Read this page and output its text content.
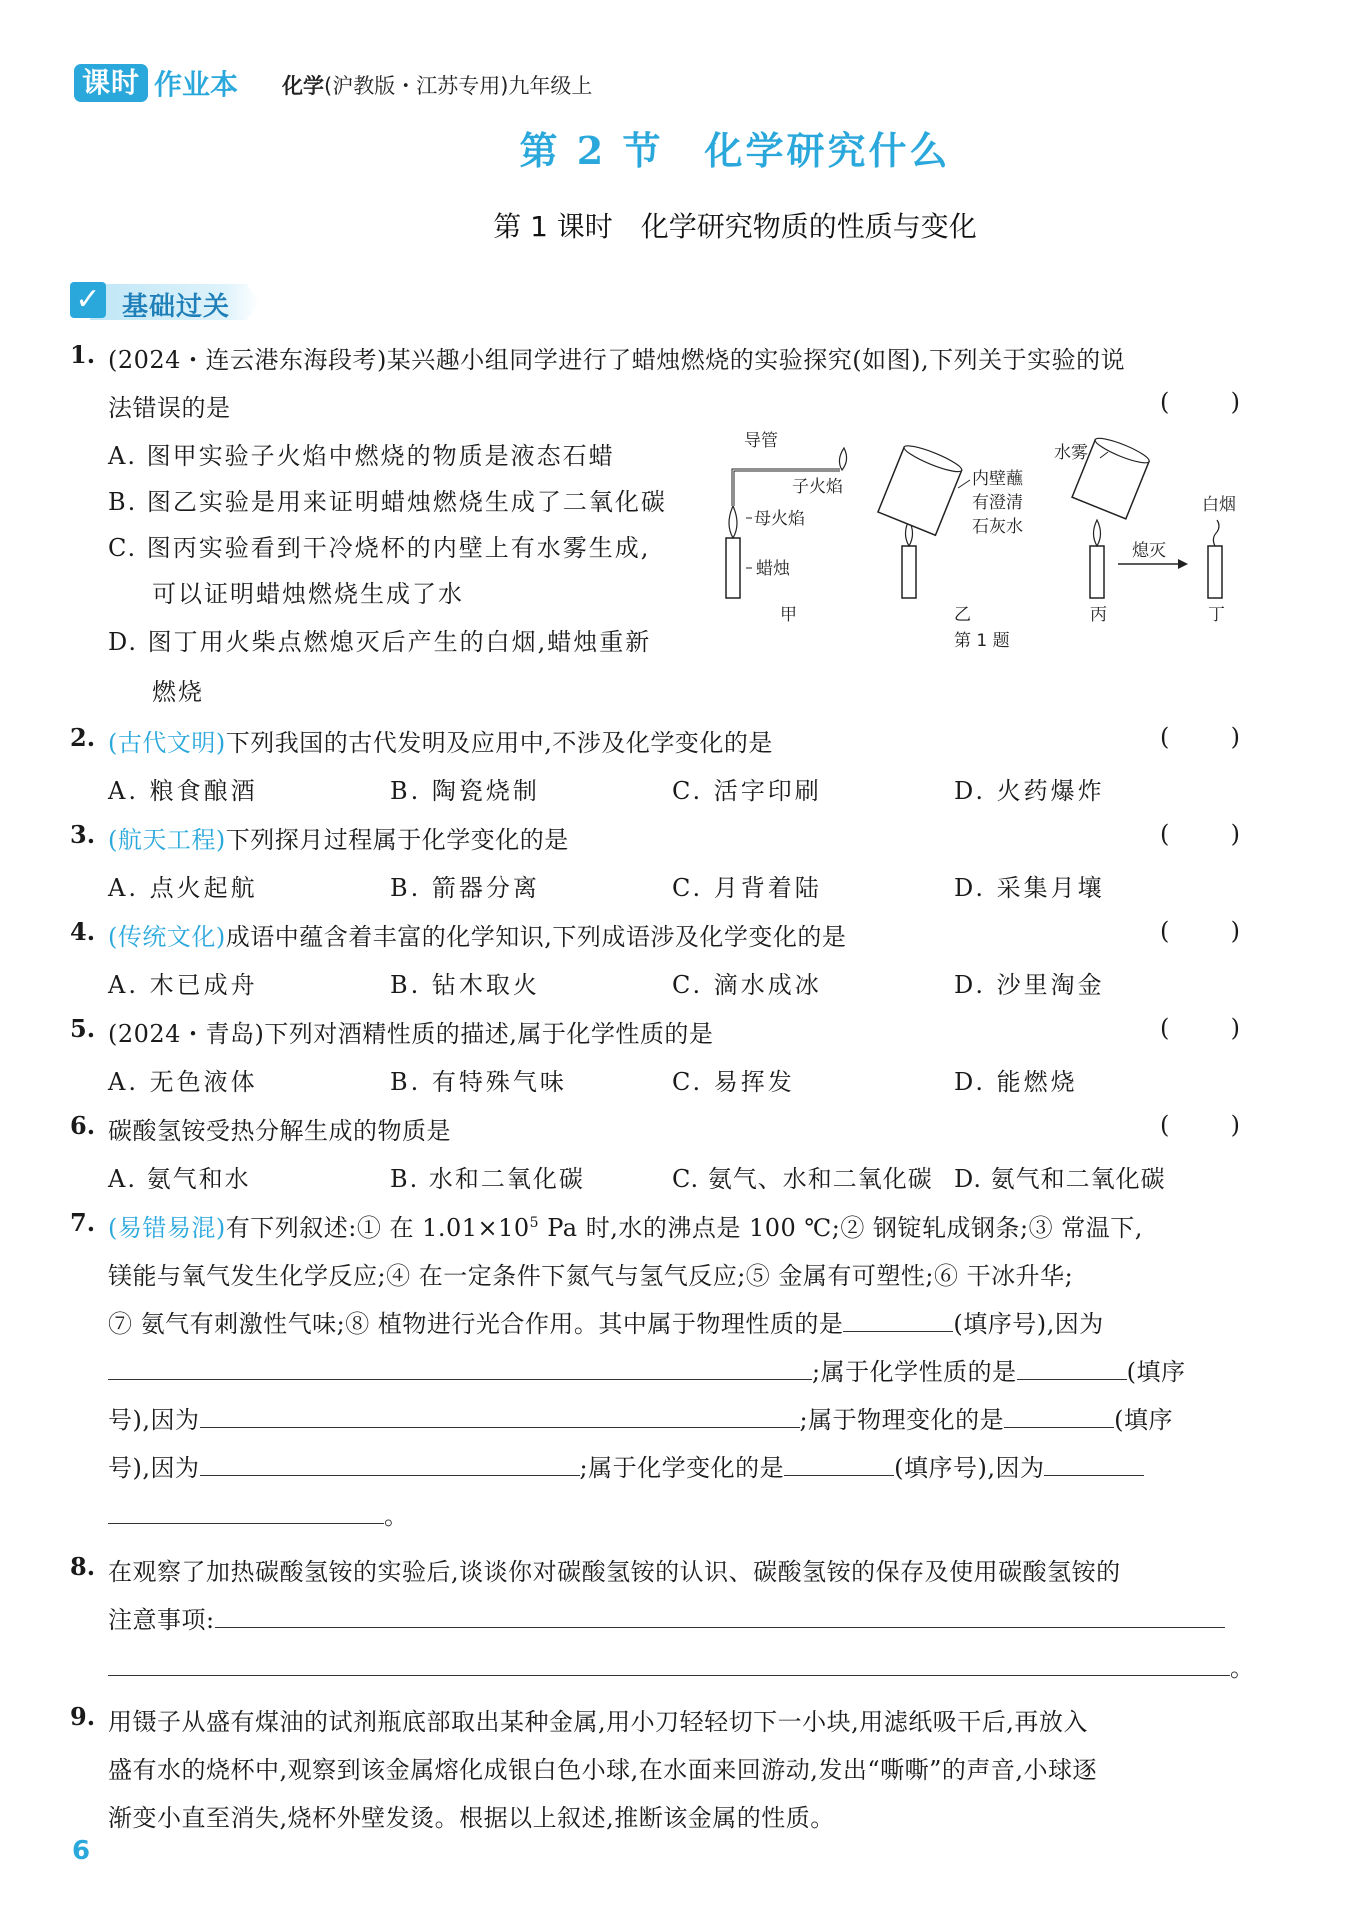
课时 作业本 化学(沪教版・江苏专用)九年级上
第 2 节　化学研究什么
第 1 课时　化学研究物质的性质与变化
✓ 基础过关
1. (2024・连云港东海段考)某兴趣小组同学进行了蜡烛燃烧的实验探究(如图),下列关于实验的说
法错误的是	(	)
A. 图甲实验子火焰中燃烧的物质是液态石蜡
B. 图乙实验是用来证明蜡烛燃烧生成了二氧化碳
C. 图丙实验看到干冷烧杯的内壁上有水雾生成,
可以证明蜡烛燃烧生成了水
D. 图丁用火柴点燃熄灭后产生的白烟,蜡烛重新
燃烧
导管
子火焰
母火焰
蜡烛
甲
内壁蘸
有澄清
石灰水
乙
水雾
丙
熄灭
白烟
丁
第 1 题
2. (古代文明)下列我国的古代发明及应用中,不涉及化学变化的是	(	)
A. 粮食酿酒	B. 陶瓷烧制	C. 活字印刷	D. 火药爆炸
3. (航天工程)下列探月过程属于化学变化的是	(	)
A. 点火起航	B. 箭器分离	C. 月背着陆	D. 采集月壤
4. (传统文化)成语中蕴含着丰富的化学知识,下列成语涉及化学变化的是	(	)
A. 木已成舟	B. 钻木取火	C. 滴水成冰	D. 沙里淘金
5. (2024・青岛)下列对酒精性质的描述,属于化学性质的是	(	)
A. 无色液体	B. 有特殊气味	C. 易挥发	D. 能燃烧
6. 碳酸氢铵受热分解生成的物质是	(	)
A. 氨气和水	B. 水和二氧化碳	C. 氨气、水和二氧化碳 D. 氨气和二氧化碳
7. (易错易混)有下列叙述:① 在 $1.01\times 10^5$ Pa 时,水的沸点是 100 ℃;② 钢锭轧成钢条;③ 常温下,
镁能与氧气发生化学反应;④ 在一定条件下氮气与氢气反应;⑤ 金属有可塑性;⑥ 干冰升华;
⑦ 氨气有刺激性气味;⑧ 植物进行光合作用。其中属于物理性质的是	(填序号),因为
;属于化学性质的是	(填序
号),因为	;属于物理变化的是	(填序
号),因为	;属于化学变化的是	(填序号),因为
。
8. 在观察了加热碳酸氢铵的实验后,谈谈你对碳酸氢铵的认识、碳酸氢铵的保存及使用碳酸氢铵的
注意事项:
。
9. 用镊子从盛有煤油的试剂瓶底部取出某种金属,用小刀轻轻切下一小块,用滤纸吸干后,再放入
盛有水的烧杯中,观察到该金属熔化成银白色小球,在水面来回游动,发出“嘶嘶”的声音,小球逐
渐变小直至消失,烧杯外壁发烫。根据以上叙述,推断该金属的性质。
6
